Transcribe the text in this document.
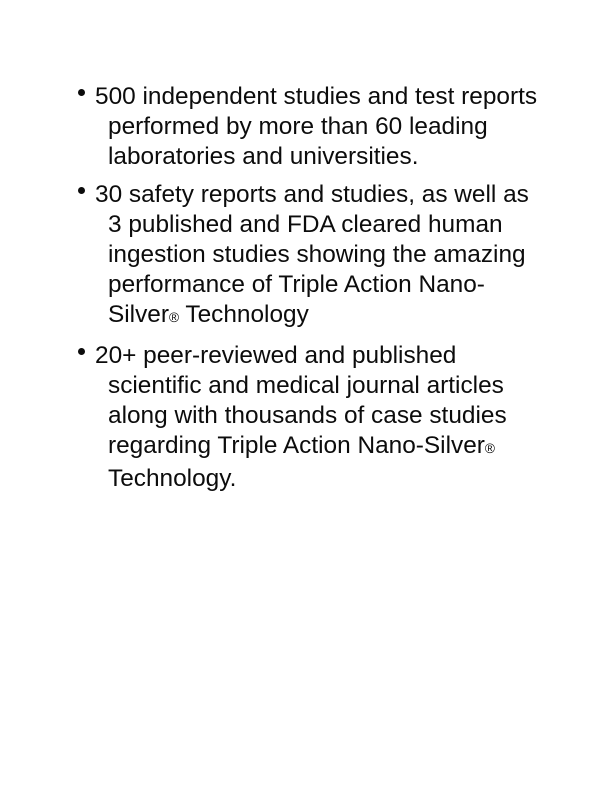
500 independent studies and test reports
performed by more than 60 leading
laboratories and universities.
30 safety reports and studies, as well as
3 published and FDA cleared human
ingestion studies showing the amazing
performance of Triple Action Nano-
Silver® Technology
20+ peer-reviewed and published
scientific and medical journal articles
along with thousands of case studies
regarding Triple Action Nano-Silver®
Technology.
